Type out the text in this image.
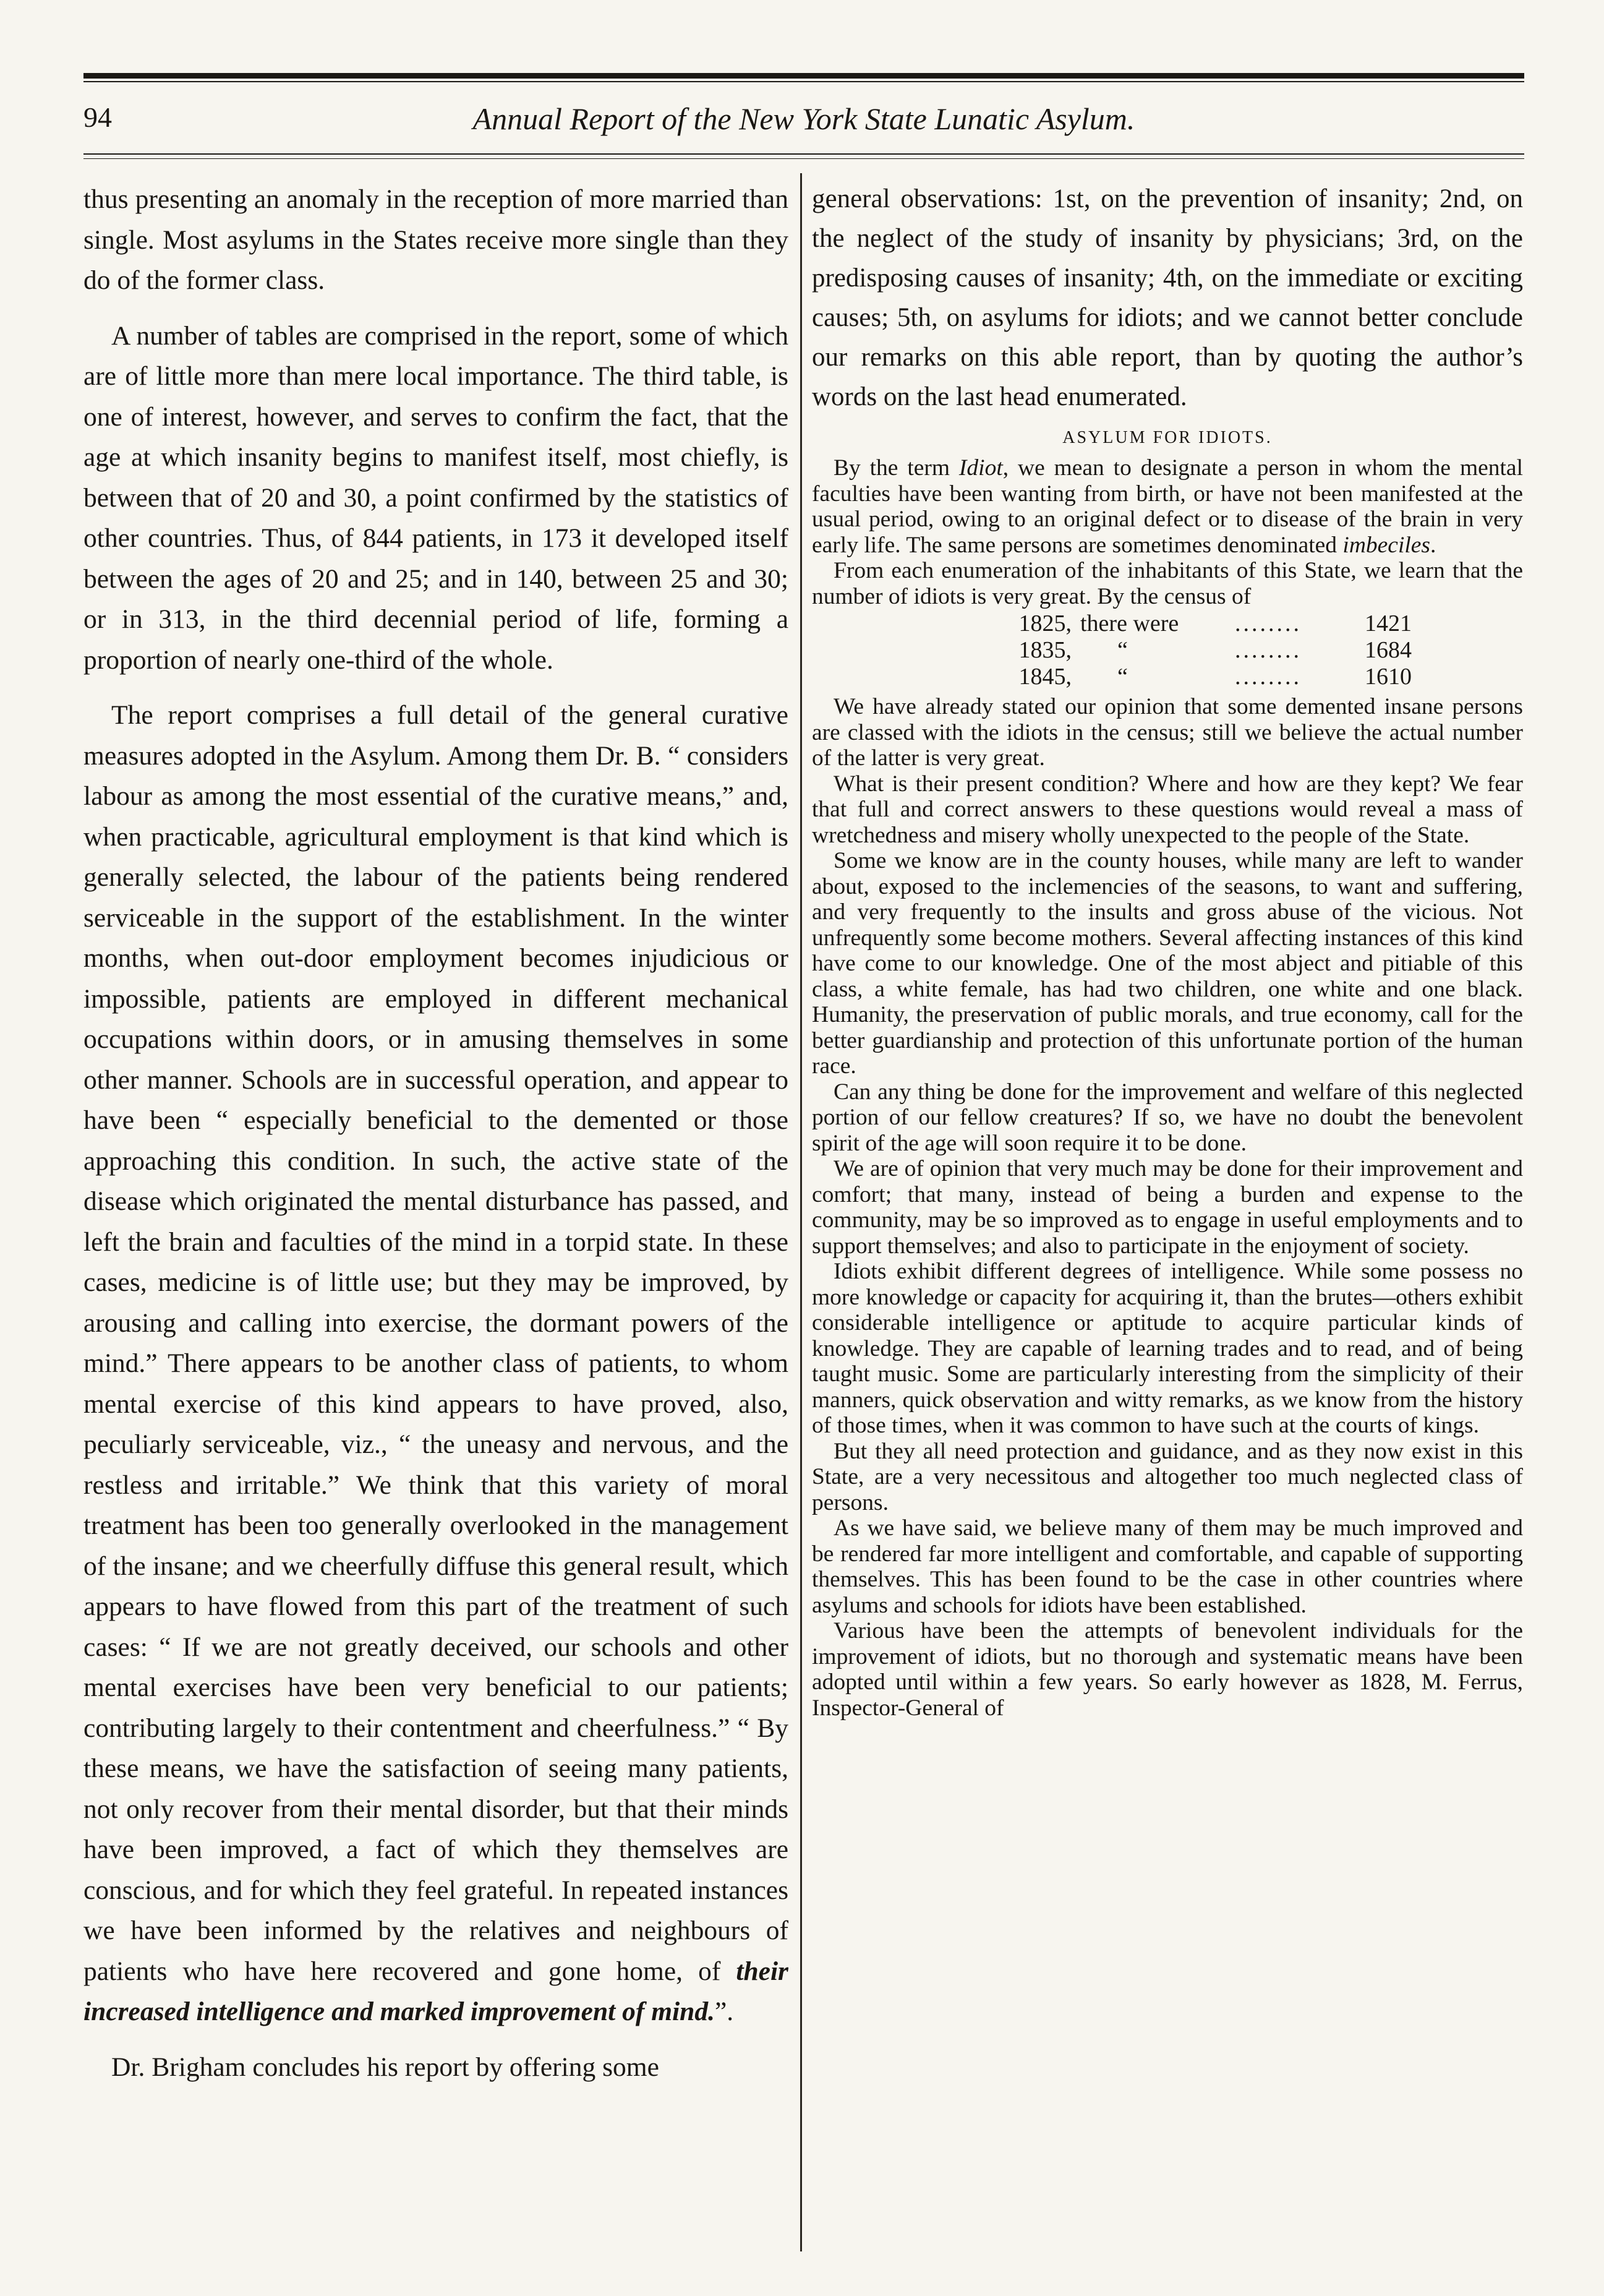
94	Annual Report of the New York State Lunatic Asylum.

thus presenting an anomaly in the reception of more married than single. Most asylums in the States receive more single than they do of the former class.

A number of tables are comprised in the report, some of which are of little more than mere local importance. The third table, is one of interest, however, and serves to confirm the fact, that the age at which insanity begins to manifest itself, most chiefly, is between that of 20 and 30, a point confirmed by the statistics of other countries. Thus, of 844 patients, in 173 it developed itself between the ages of 20 and 25; and in 140, between 25 and 30; or in 313, in the third decennial period of life, forming a proportion of nearly one-third of the whole.

The report comprises a full detail of the general curative measures adopted in the Asylum. Among them Dr. B. “ considers labour as among the most essential of the curative means,” and, when practicable, agricultural employment is that kind which is generally selected, the labour of the patients being rendered serviceable in the support of the establishment. In the winter months, when out-door employment becomes injudicious or impossible, patients are employed in different mechanical occupations within doors, or in amusing themselves in some other manner. Schools are in successful operation, and appear to have been “ especially beneficial to the demented or those approaching this condition. In such, the active state of the disease which originated the mental disturbance has passed, and left the brain and faculties of the mind in a torpid state. In these cases, medicine is of little use; but they may be improved, by arousing and calling into exercise, the dormant powers of the mind.” There appears to be another class of patients, to whom mental exercise of this kind appears to have proved, also, peculiarly serviceable, viz., “ the uneasy and nervous, and the restless and irritable.” We think that this variety of moral treatment has been too generally overlooked in the management of the insane; and we cheerfully diffuse this general result, which appears to have flowed from this part of the treatment of such cases: “ If we are not greatly deceived, our schools and other mental exercises have been very beneficial to our patients; contributing largely to their contentment and cheerfulness.” “ By these means, we have the satisfaction of seeing many patients, not only recover from their mental disorder, but that their minds have been improved, a fact of which they themselves are conscious, and for which they feel grateful. In repeated instances we have been informed by the relatives and neighbours of patients who have here recovered and gone home, of their increased intelligence and marked improvement of mind.”.

Dr. Brigham concludes his report by offering some

general observations: 1st, on the prevention of insanity; 2nd, on the neglect of the study of insanity by physicians; 3rd, on the predisposing causes of insanity; 4th, on the immediate or exciting causes; 5th, on asylums for idiots; and we cannot better conclude our remarks on this able report, than by quoting the author’s words on the last head enumerated.

ASYLUM FOR IDIOTS.

By the term Idiot, we mean to designate a person in whom the mental faculties have been wanting from birth, or have not been manifested at the usual period, owing to an original defect or to disease of the brain in very early life. The same persons are sometimes denominated imbeciles.

From each enumeration of the inhabitants of this State, we learn that the number of idiots is very great. By the census of

1825, there were	........	1421
1835,	“	........	1684
1845,	“	........	1610

We have already stated our opinion that some demented insane persons are classed with the idiots in the census; still we believe the actual number of the latter is very great.

What is their present condition? Where and how are they kept? We fear that full and correct answers to these questions would reveal a mass of wretchedness and misery wholly unexpected to the people of the State.

Some we know are in the county houses, while many are left to wander about, exposed to the inclemencies of the seasons, to want and suffering, and very frequently to the insults and gross abuse of the vicious. Not unfrequently some become mothers. Several affecting instances of this kind have come to our knowledge. One of the most abject and pitiable of this class, a white female, has had two children, one white and one black. Humanity, the preservation of public morals, and true economy, call for the better guardianship and protection of this unfortunate portion of the human race.

Can any thing be done for the improvement and welfare of this neglected portion of our fellow creatures? If so, we have no doubt the benevolent spirit of the age will soon require it to be done.

We are of opinion that very much may be done for their improvement and comfort; that many, instead of being a burden and expense to the community, may be so improved as to engage in useful employments and to support themselves; and also to participate in the enjoyment of society.

Idiots exhibit different degrees of intelligence. While some possess no more knowledge or capacity for acquiring it, than the brutes—others exhibit considerable intelligence or aptitude to acquire particular kinds of knowledge. They are capable of learning trades and to read, and of being taught music. Some are particularly interesting from the simplicity of their manners, quick observation and witty remarks, as we know from the history of those times, when it was common to have such at the courts of kings.

But they all need protection and guidance, and as they now exist in this State, are a very necessitous and altogether too much neglected class of persons.

As we have said, we believe many of them may be much improved and be rendered far more intelligent and comfortable, and capable of supporting themselves. This has been found to be the case in other countries where asylums and schools for idiots have been established.

Various have been the attempts of benevolent individuals for the improvement of idiots, but no thorough and systematic means have been adopted until within a few years. So early however as 1828, M. Ferrus, Inspector-General of
